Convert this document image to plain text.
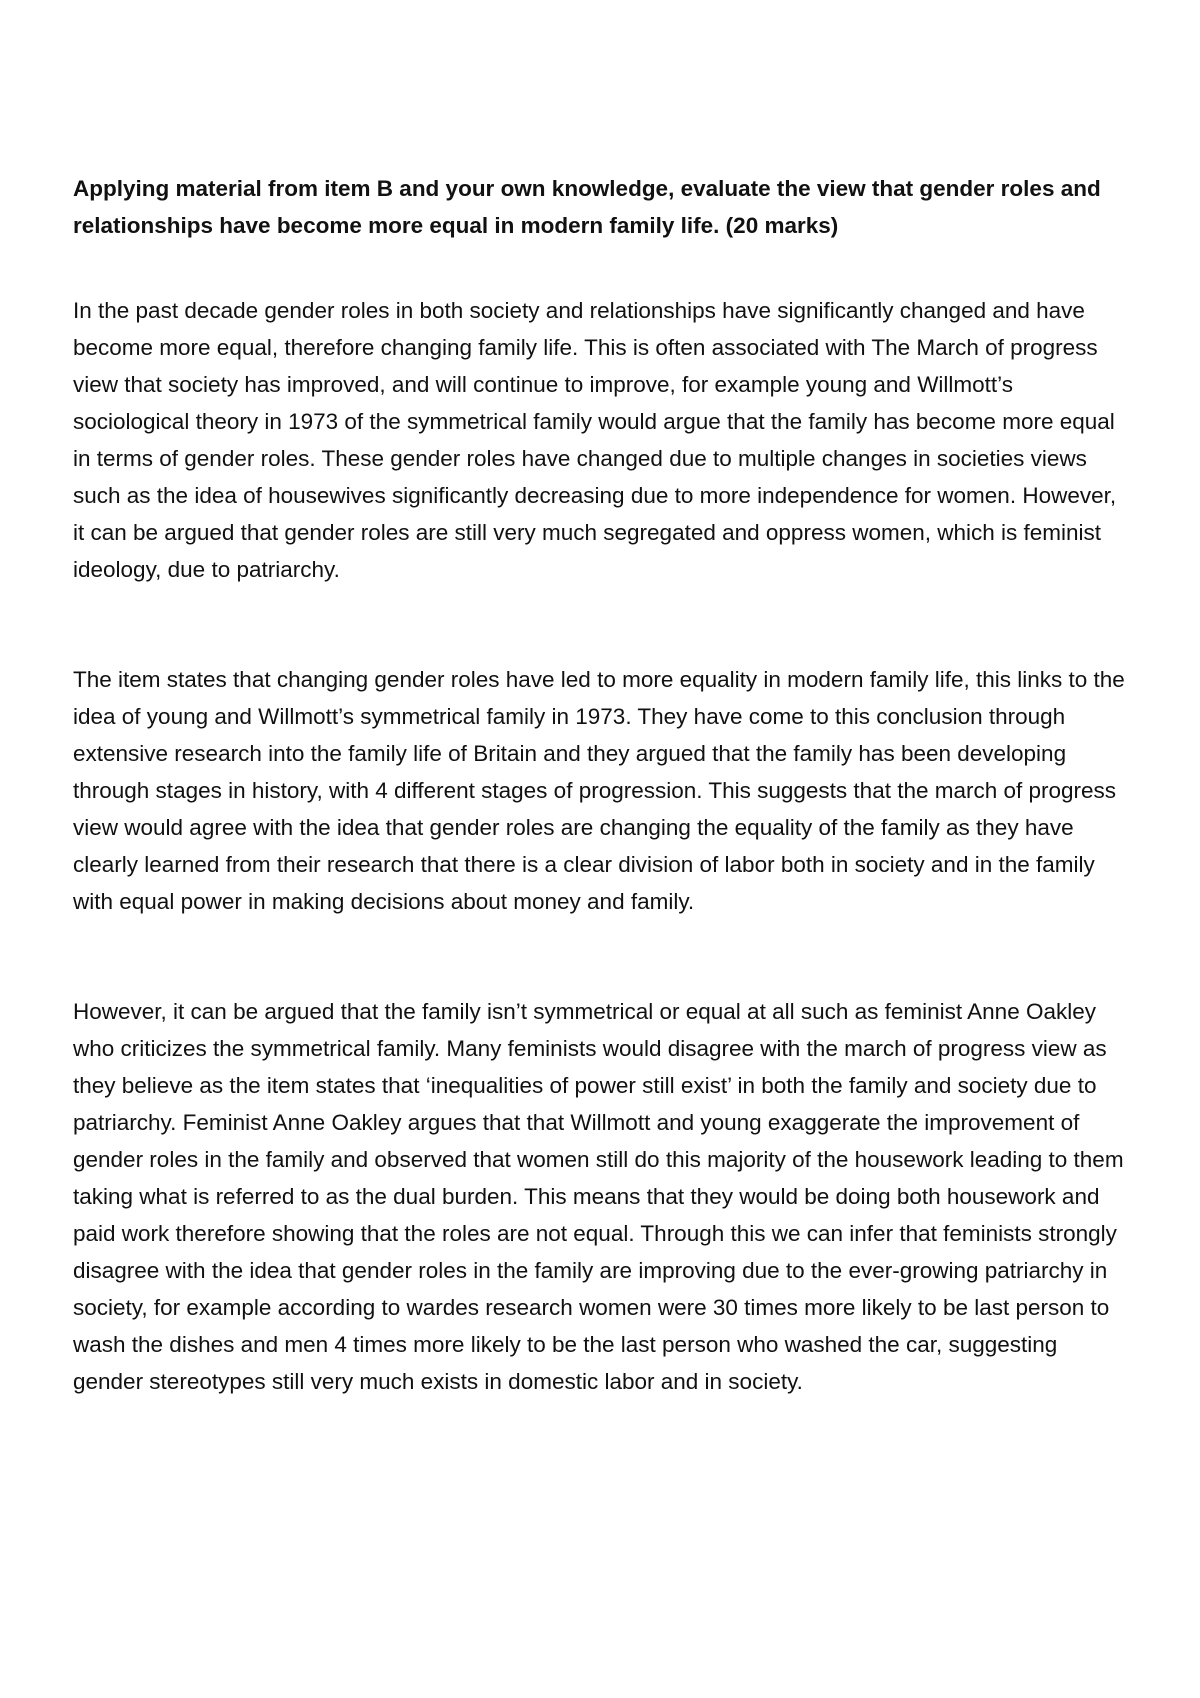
Applying material from item B and your own knowledge, evaluate the view that gender roles and relationships have become more equal in modern family life. (20 marks)

In the past decade gender roles in both society and relationships have significantly changed and have become more equal, therefore changing family life. This is often associated with The March of progress view that society has improved, and will continue to improve, for example young and Willmott’s sociological theory in 1973 of the symmetrical family would argue that the family has become more equal in terms of gender roles. These gender roles have changed due to multiple changes in societies views such as the idea of housewives significantly decreasing due to more independence for women. However, it can be argued that gender roles are still very much segregated and oppress women, which is feminist ideology, due to patriarchy.

The item states that changing gender roles have led to more equality in modern family life, this links to the idea of young and Willmott’s symmetrical family in 1973. They have come to this conclusion through extensive research into the family life of Britain and they argued that the family has been developing through stages in history, with 4 different stages of progression. This suggests that the march of progress view would agree with the idea that gender roles are changing the equality of the family as they have clearly learned from their research that there is a clear division of labor both in society and in the family with equal power in making decisions about money and family.

However, it can be argued that the family isn’t symmetrical or equal at all such as feminist Anne Oakley who criticizes the symmetrical family. Many feminists would disagree with the march of progress view as they believe as the item states that ‘inequalities of power still exist’ in both the family and society due to patriarchy. Feminist Anne Oakley argues that that Willmott and young exaggerate the improvement of gender roles in the family and observed that women still do this majority of the housework leading to them taking what is referred to as the dual burden. This means that they would be doing both housework and paid work therefore showing that the roles are not equal. Through this we can infer that feminists strongly disagree with the idea that gender roles in the family are improving due to the ever-growing patriarchy in society, for example according to wardes research women were 30 times more likely to be last person to wash the dishes and men 4 times more likely to be the last person who washed the car, suggesting gender stereotypes still very much exists in domestic labor and in society.
